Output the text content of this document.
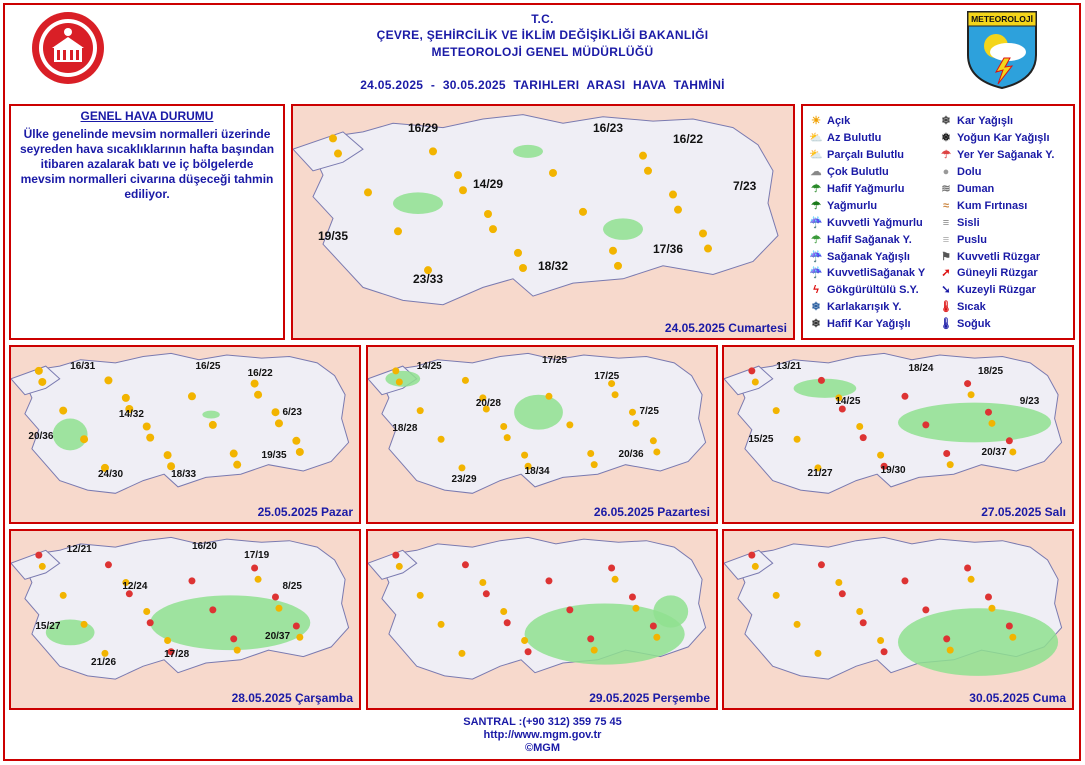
METEOROLOJİ
T.C.
ÇEVRE, ŞEHİRCİLİK VE İKLİM DEĞİŞİKLİĞİ BAKANLIĞI
METEOROLOJİ GENEL MÜDÜRLÜĞÜ
24.05.2025 - 30.05.2025 TARIHLERI ARASI HAVA TAHMİNİ
GENEL HAVA DURUMU
Ülke genelinde mevsim normalleri üzerinde seyreden hava sıcaklıklarının hafta başından itibaren azalarak batı ve iç bölgelerde mevsim normalleri civarına düşeceği tahmin ediliyor.
☀ Açık
⛅ Az Bulutlu
⛅ Parçalı Bulutlu
☁ Çok Bulutlu
☂ Hafif Yağmurlu
☂ Yağmurlu
☔ Kuvvetli Yağmurlu
☂ Hafif Sağanak Y.
☔ Sağanak Yağışlı
☔ KuvvetliSağanak Y
ϟ Gökgürültülü S.Y.
❄ Karlakarışık Y.
❄ Hafif Kar Yağışlı
❄ Kar Yağışlı
❅ Yoğun Kar Yağışlı
☂ Yer Yer Sağanak Y.
● Dolu
≋ Duman
≈ Kum Fırtınası
≡ Sisli
≡ Puslu
⚑ Kuvvetli Rüzgar
➚ Güneyli Rüzgar
➘ Kuzeyli Rüzgar
🌡 Sıcak
🌡 Soğuk
24.05.2025 Cumartesi
16/29	16/23
16/22
14/29	7/23
19/35
23/33
18/32
17/36
25.05.2025 Pazar
16/31	16/25
16/22
14/32	6/23
20/36
24/30	18/33
19/35
26.05.2025 Pazartesi
14/25
17/25
17/25
20/28
7/25
18/28
23/29
18/34
20/36
27.05.2025 Salı
13/21	18/24	18/25
14/25	9/23
15/25
21/27	19/30
20/37
28.05.2025 Çarşamba
12/21	16/20
17/19
12/24	8/25
15/27
21/26
17/28
20/37
29.05.2025 Perşembe	30.05.2025 Cuma
SANTRAL :(+90 312) 359 75 45
http://www.mgm.gov.tr
©MGM
